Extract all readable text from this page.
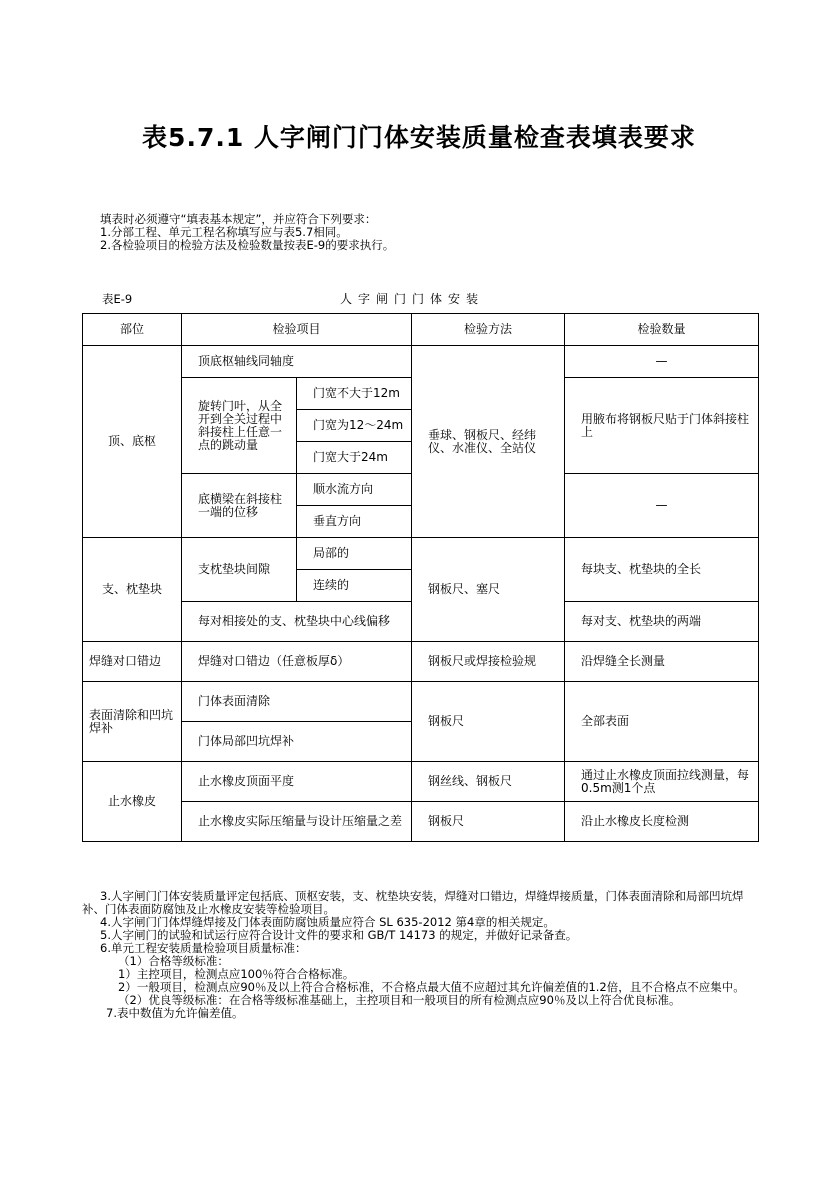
表5.7.1 人字闸门门体安装质量检查表填表要求
填表时必须遵守“填表基本规定”，并应符合下列要求：
1.分部工程、单元工程名称填写应与表5.7相同。
2.各检验项目的检验方法及检验数量按表E-9的要求执行。
表E-9	人字闸门门体安装
部位	检验项目		检验方法	检验数量
顶、底枢	顶底枢轴线同轴度		垂球、钢板尺、经纬仪、水准仪、全站仪	—
	旋转门叶，从全开到全关过程中斜接柱上任意一点的跳动量	门宽不大于12m		用腋布将钢板尺贴于门体斜接柱上
		门宽为12～24m		
		门宽大于24m		
	底横梁在斜接柱一端的位移	顺水流方向		—
		垂直方向		
支、枕垫块	支枕垫块间隙	局部的	钢板尺、塞尺	每块支、枕垫块的全长
		连续的		
	每对相接处的支、枕垫块中心线偏移			每对支、枕垫块的两端
焊缝对口错边	焊缝对口错边（任意板厚δ）		钢板尺或焊接检验规	沿焊缝全长测量
表面清除和凹坑焊补	门体表面清除		钢板尺	全部表面
	门体局部凹坑焊补			
止水橡皮	止水橡皮顶面平度		钢丝线、钢板尺	通过止水橡皮顶面拉线测量，每0.5m测1个点
	止水橡皮实际压缩量与设计压缩量之差		钢板尺	沿止水橡皮长度检测
3.人字闸门门体安装质量评定包括底、顶枢安装，支、枕垫块安装，焊缝对口错边，焊缝焊接质量，门体表面清除和局部凹坑焊补、门体表面防腐蚀及止水橡皮安装等检验项目。
4.人字闸门门体焊缝焊接及门体表面防腐蚀质量应符合 SL 635-2012 第4章的相关规定。
5.人字闸门的试验和试运行应符合设计文件的要求和 GB/T 14173 的规定，并做好记录备查。
6.单元工程安装质量检验项目质量标准：
（1）合格等级标准：
1）主控项目，检测点应100％符合合格标准。
2）一般项目，检测点应90％及以上符合合格标准，不合格点最大值不应超过其允许偏差值的1.2倍，且不合格点不应集中。
（2）优良等级标准：在合格等级标准基础上，主控项目和一般项目的所有检测点应90％及以上符合优良标准。
7.表中数值为允许偏差值。
